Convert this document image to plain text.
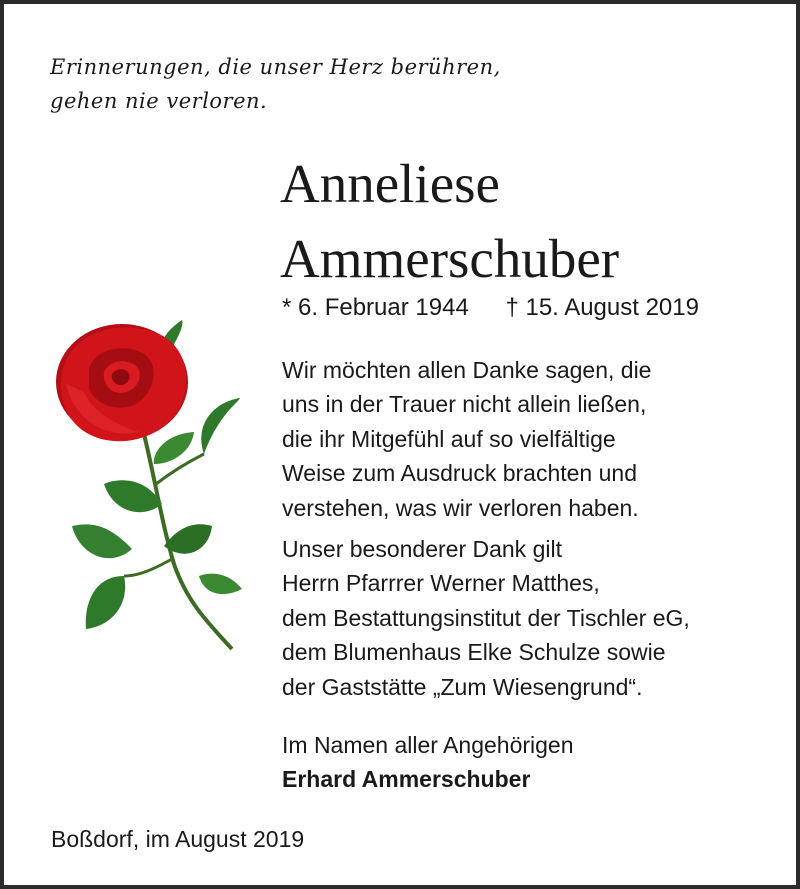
Erinnerungen, die unser Herz berühren,
gehen nie verloren.
Anneliese
Ammerschuber
* 6. Februar 1944 † 15. August 2019
Wir möchten allen Danke sagen, die
uns in der Trauer nicht allein ließen,
die ihr Mitgefühl auf so vielfältige
Weise zum Ausdruck brachten und
verstehen, was wir verloren haben.
Unser besonderer Dank gilt
Herrn Pfarrrer Werner Matthes,
dem Bestattungsinstitut der Tischler eG,
dem Blumenhaus Elke Schulze sowie
der Gaststätte „Zum Wiesengrund“.
Im Namen aller Angehörigen
Erhard Ammerschuber
Boßdorf, im August 2019
